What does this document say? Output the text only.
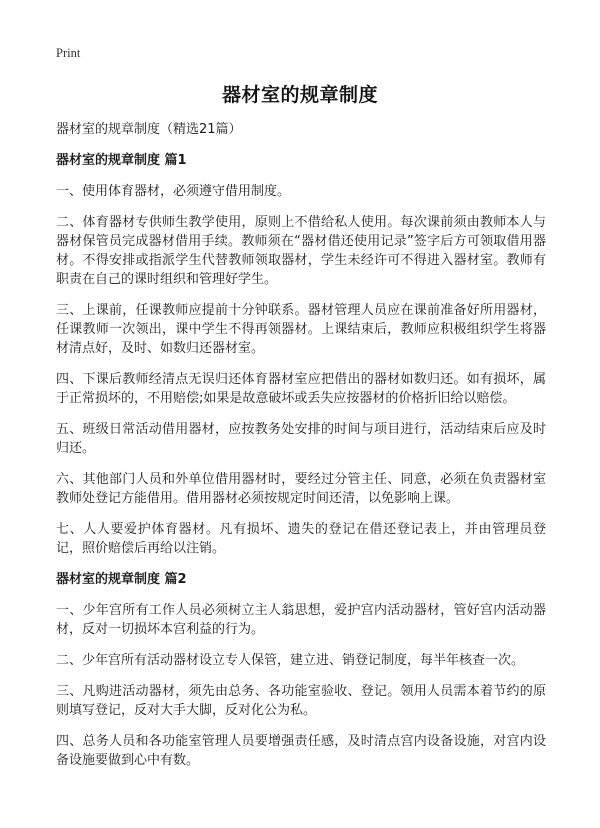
Print
器材室的规章制度
器材室的规章制度（精选21篇）
器材室的规章制度 篇1
一、使用体育器材，必须遵守借用制度。
二、体育器材专供师生教学使用，原则上不借给私人使用。每次课前须由教师本人与器材保管员完成器材借用手续。教师须在“器材借还使用记录”签字后方可领取借用器材。不得安排或指派学生代替教师领取器材，学生未经许可不得进入器材室。教师有职责在自己的课时组织和管理好学生。
三、上课前，任课教师应提前十分钟联系。器材管理人员应在课前准备好所用器材，任课教师一次领出，课中学生不得再领器材。上课结束后，教师应积极组织学生将器材清点好，及时、如数归还器材室。
四、下课后教师经清点无误归还体育器材室应把借出的器材如数归还。如有损坏，属于正常损坏的，不用赔偿;如果是故意破坏或丢失应按器材的价格折旧给以赔偿。
五、班级日常活动借用器材，应按教务处安排的时间与项目进行，活动结束后应及时归还。
六、其他部门人员和外单位借用器材时，要经过分管主任、同意，必须在负责器材室教师处登记方能借用。借用器材必须按规定时间还清，以免影响上课。
七、人人要爱护体育器材。凡有损坏、遗失的登记在借还登记表上，并由管理员登记，照价赔偿后再给以注销。
器材室的规章制度 篇2
一、少年宫所有工作人员必须树立主人翁思想，爱护宫内活动器材，管好宫内活动器材，反对一切损坏本宫利益的行为。
二、少年宫所有活动器材设立专人保管，建立进、销登记制度，每半年核查一次。
三、凡购进活动器材，须先由总务、各功能室验收、登记。领用人员需本着节约的原则填写登记，反对大手大脚，反对化公为私。
四、总务人员和各功能室管理人员要增强责任感，及时清点宫内设备设施，对宫内设备设施要做到心中有数。
